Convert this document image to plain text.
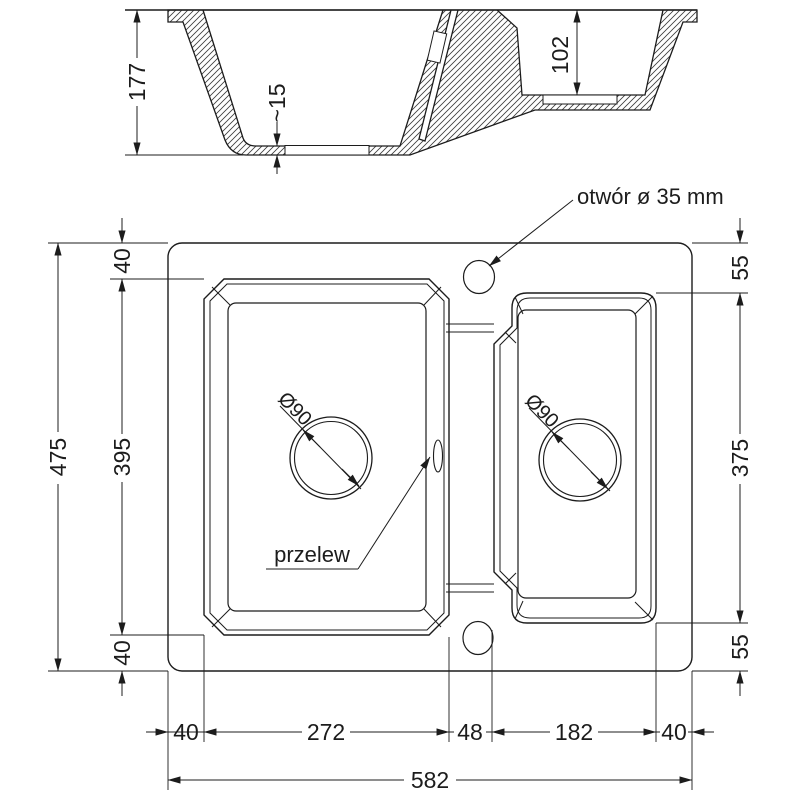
177
~15
102
Ø90	Ø90
otwór ø 35 mm
przelew
475
40
395
40
55
375
55
40	272	48	182	40
582
